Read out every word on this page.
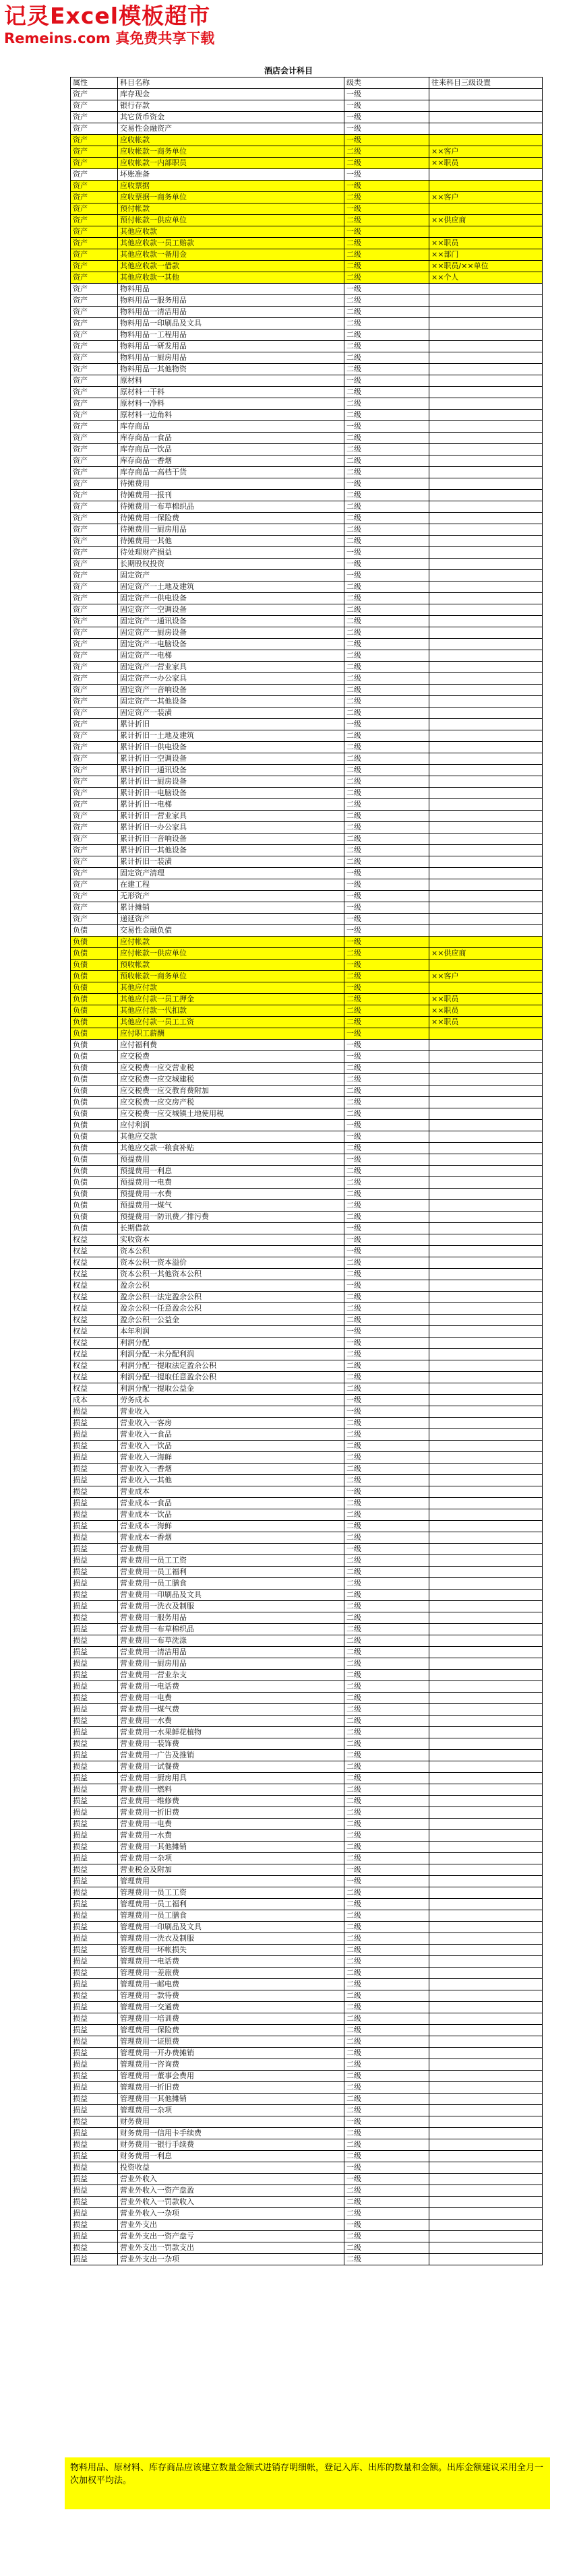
记灵Excel模板超市
Remeins.com 真免费共享下载
酒店会计科目
属性	科目名称	级类	往来科目三级设置
资产	库存现金	一级	
资产	银行存款	一级	
资产	其它货币资金	一级	
资产	交易性金融资产	一级	
资产	应收帐款	一级	
资产	应收帐款一商务单位	二级	××客户
资产	应收帐款一内部职员	二级	××职员
资产	坏账准备	一级	
资产	应收票据	一级	
资产	应收票据一商务单位	二级	××客户
资产	预付帐款	一级	
资产	预付帐款一供应单位	二级	××供应商
资产	其他应收款	一级	
资产	其他应收款一员工赔款	二级	××职员
资产	其他应收款一备用金	二级	××部门
资产	其他应收款一借款	二级	××职员/××单位
资产	其他应收款一其他	二级	××个人
资产	物料用品	一级	
资产	物料用品一服务用品	二级	
资产	物料用品一清洁用品	二级	
资产	物料用品一印刷品及文具	二级	
资产	物料用品一工程用品	二级	
资产	物料用品一研发用品	二级	
资产	物料用品一厨房用品	二级	
资产	物料用品一其他物资	二级	
资产	原材料	一级	
资产	原材料一干料	二级	
资产	原材料一净料	二级	
资产	原材料一边角料	二级	
资产	库存商品	一级	
资产	库存商品一食品	二级	
资产	库存商品一饮品	二级	
资产	库存商品一香烟	二级	
资产	库存商品一高档干货	二级	
资产	待摊费用	一级	
资产	待摊费用一报刊	二级	
资产	待摊费用一布草棉织品	二级	
资产	待摊费用一保险费	二级	
资产	待摊费用一厨房用品	二级	
资产	待摊费用一其他	二级	
资产	待处理财产损益	一级	
资产	长期股权投资	一级	
资产	固定资产	一级	
资产	固定资产一土地及建筑	二级	
资产	固定资产一供电设备	二级	
资产	固定资产一空调设备	二级	
资产	固定资产一通讯设备	二级	
资产	固定资产一厨房设备	二级	
资产	固定资产一电脑设备	二级	
资产	固定资产一电梯	二级	
资产	固定资产一营业家具	二级	
资产	固定资产一办公家具	二级	
资产	固定资产一音响设备	二级	
资产	固定资产一其他设备	二级	
资产	固定资产一装潢	二级	
资产	累计折旧	一级	
资产	累计折旧一土地及建筑	二级	
资产	累计折旧一供电设备	二级	
资产	累计折旧一空调设备	二级	
资产	累计折旧一通讯设备	二级	
资产	累计折旧一厨房设备	二级	
资产	累计折旧一电脑设备	二级	
资产	累计折旧一电梯	二级	
资产	累计折旧一营业家具	二级	
资产	累计折旧一办公家具	二级	
资产	累计折旧一音响设备	二级	
资产	累计折旧一其他设备	二级	
资产	累计折旧一装潢	二级	
资产	固定资产清理	一级	
资产	在建工程	一级	
资产	无形资产	一级	
资产	累计摊销	一级	
资产	递延资产	一级	
负债	交易性金融负债	一级	
负债	应付帐款	一级	
负债	应付帐款一供应单位	二级	××供应商
负债	预收帐款	一级	
负债	预收帐款一商务单位	二级	××客户
负债	其他应付款	一级	
负债	其他应付款一员工押金	二级	××职员
负债	其他应付款一代扣款	二级	××职员
负债	其他应付款一员工工资	二级	××职员
负债	应付职工薪酬	一级	
负债	应付福利费	一级	
负债	应交税费	一级	
负债	应交税费一应交营业税	二级	
负债	应交税费一应交城建税	二级	
负债	应交税费一应交教育费附加	二级	
负债	应交税费一应交房产税	二级	
负债	应交税费一应交城镇土地使用税	二级	
负债	应付利润	一级	
负债	其他应交款	一级	
负债	其他应交款一粮食补贴	二级	
负债	预提费用	一级	
负债	预提费用一利息	二级	
负债	预提费用一电费	二级	
负债	预提费用一水费	二级	
负债	预提费用一煤气	二级	
负债	预提费用一防讯费／排污费	二级	
负债	长期借款	一级	
权益	实收资本	一级	
权益	资本公积	一级	
权益	资本公积一资本溢价	二级	
权益	资本公积一其他资本公积	二级	
权益	盈余公积	一级	
权益	盈余公积一法定盈余公积	二级	
权益	盈余公积一任意盈余公积	二级	
权益	盈余公积一公益金	二级	
权益	本年利润	一级	
权益	利润分配	一级	
权益	利润分配一未分配利润	二级	
权益	利润分配一提取法定盈余公积	二级	
权益	利润分配一提取任意盈余公积	二级	
权益	利润分配一提取公益金	二级	
成本	劳务成本	一级	
损益	营业收入	一级	
损益	营业收入一客房	二级	
损益	营业收入一食品	二级	
损益	营业收入一饮品	二级	
损益	营业收入一海鲜	二级	
损益	营业收入一香烟	二级	
损益	营业收入一其他	二级	
损益	营业成本	一级	
损益	营业成本一食品	二级	
损益	营业成本一饮品	二级	
损益	营业成本一海鲜	二级	
损益	营业成本一香烟	二级	
损益	营业费用	一级	
损益	营业费用一员工工资	二级	
损益	营业费用一员工福利	二级	
损益	营业费用一员工膳食	二级	
损益	营业费用一印刷品及文具	二级	
损益	营业费用一洗衣及制服	二级	
损益	营业费用一服务用品	二级	
损益	营业费用一布草棉织品	二级	
损益	营业费用一布草洗涤	二级	
损益	营业费用一清洁用品	二级	
损益	营业费用一厨房用品	二级	
损益	营业费用一营业杂支	二级	
损益	营业费用一电话费	二级	
损益	营业费用一电费	二级	
损益	营业费用一煤气费	二级	
损益	营业费用一水费	二级	
损益	营业费用一水果鲜花植物	二级	
损益	营业费用一装饰费	二级	
损益	营业费用一广告及推销	二级	
损益	营业费用一试餐费	二级	
损益	营业费用一厨房用具	二级	
损益	营业费用一燃料	二级	
损益	营业费用一维修费	二级	
损益	营业费用一折旧费	二级	
损益	营业费用一电费	二级	
损益	营业费用一水费	二级	
损益	营业费用一其他摊销	二级	
损益	营业费用一杂项	二级	
损益	营业税金及附加	一级	
损益	管理费用	一级	
损益	管理费用一员工工资	二级	
损益	管理费用一员工福利	二级	
损益	管理费用一员工膳食	二级	
损益	管理费用一印刷品及文具	二级	
损益	管理费用一洗衣及制服	二级	
损益	管理费用一坏帐损失	二级	
损益	管理费用一电话费	二级	
损益	管理费用一差旅费	二级	
损益	管理费用一邮电费	二级	
损益	管理费用一款待费	二级	
损益	管理费用一交通费	二级	
损益	管理费用一培训费	二级	
损益	管理费用一保险费	二级	
损益	管理费用一证照费	二级	
损益	管理费用一开办费摊销	二级	
损益	管理费用一咨询费	二级	
损益	管理费用一董事会费用	二级	
损益	管理费用一折旧费	二级	
损益	管理费用一其他摊销	二级	
损益	管理费用一杂项	二级	
损益	财务费用	一级	
损益	财务费用一信用卡手续费	二级	
损益	财务费用一银行手续费	二级	
损益	财务费用一利息	二级	
损益	投资收益	一级	
损益	营业外收入	一级	
损益	营业外收入一资产盘盈	二级	
损益	营业外收入一罚款收入	二级	
损益	营业外收入一杂项	二级	
损益	营业外支出	一级	
损益	营业外支出一资产盘亏	二级	
损益	营业外支出一罚款支出	二级	
损益	营业外支出一杂项	二级	
物料用品、原材料、库存商品应该建立数量金额式进销存明细帐，登记入库、出库的数量和金额。出库金额建议采用全月一次加权平均法。
